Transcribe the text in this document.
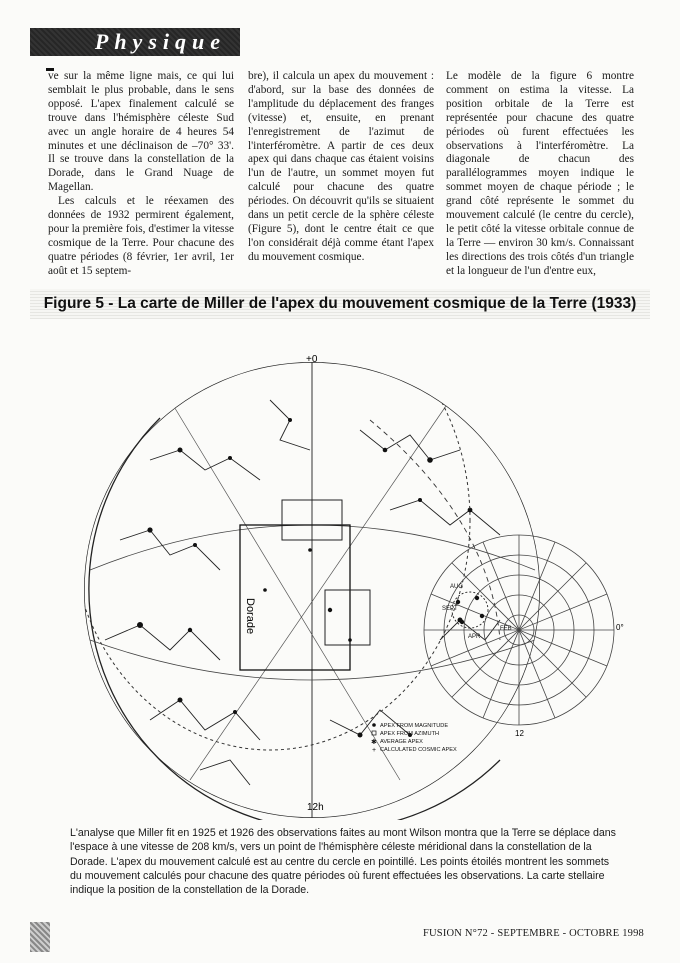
Physique

ve sur la même ligne mais, ce qui lui semblait le plus probable, dans le sens opposé. L'apex finalement calculé se trouve dans l'hémisphère céleste Sud avec un angle horaire de 4 heures 54 minutes et une déclinaison de –70° 33'. Il se trouve dans la constellation de la Dorade, dans le Grand Nuage de Magellan.

Les calculs et le réexamen des données de 1932 permirent également, pour la première fois, d'estimer la vitesse cosmique de la Terre. Pour chacune des quatre périodes (8 février, 1er avril, 1er août et 15 septem-

bre), il calcula un apex du mouvement : d'abord, sur la base des données de l'amplitude du déplacement des franges (vitesse) et, ensuite, en prenant l'enregistrement de l'azimut de l'interféromètre. A partir de ces deux apex qui dans chaque cas étaient voisins l'un de l'autre, un sommet moyen fut calculé pour chacune des quatre périodes. On découvrit qu'ils se situaient dans un petit cercle de la sphère céleste (Figure 5), dont le centre était ce que l'on considérait déjà comme étant l'apex du mouvement cosmique.

Le modèle de la figure 6 montre comment on estima la vitesse. La position orbitale de la Terre est représentée pour chacune des quatre périodes où furent effectuées les observations à l'interféromètre. La diagonale de chacun des parallélogrammes moyen indique le sommet moyen de chaque période ; le grand côté représente le sommet du mouvement calculé (le centre du cercle), le petit côté la vitesse orbitale connue de la Terre — environ 30 km/s. Connaissant les directions des trois côtés d'un triangle et la longueur de l'un d'entre eux,

Figure 5 - La carte de Miller de l'apex du mouvement cosmique de la Terre (1933)
Dorade
+0
12h
FEB
AUG
SEPT
APR
0°
12
APEX FROM MAGNITUDE
APEX FROM AZIMUTH
✱ AVERAGE APEX
+ CALCULATED COSMIC APEX
L'analyse que Miller fit en 1925 et 1926 des observations faites au mont Wilson montra que la Terre se déplace dans l'espace à une vitesse de 208 km/s, vers un point de l'hémisphère céleste méridional dans la constellation de la Dorade. L'apex du mouvement calculé est au centre du cercle en pointillé. Les points étoilés montrent les sommets du mouvement calculés pour chacune des quatre périodes où furent effectuées les observations. La carte stellaire indique la position de la constellation de la Dorade.
FUSION N°72 - SEPTEMBRE - OCTOBRE 1998
